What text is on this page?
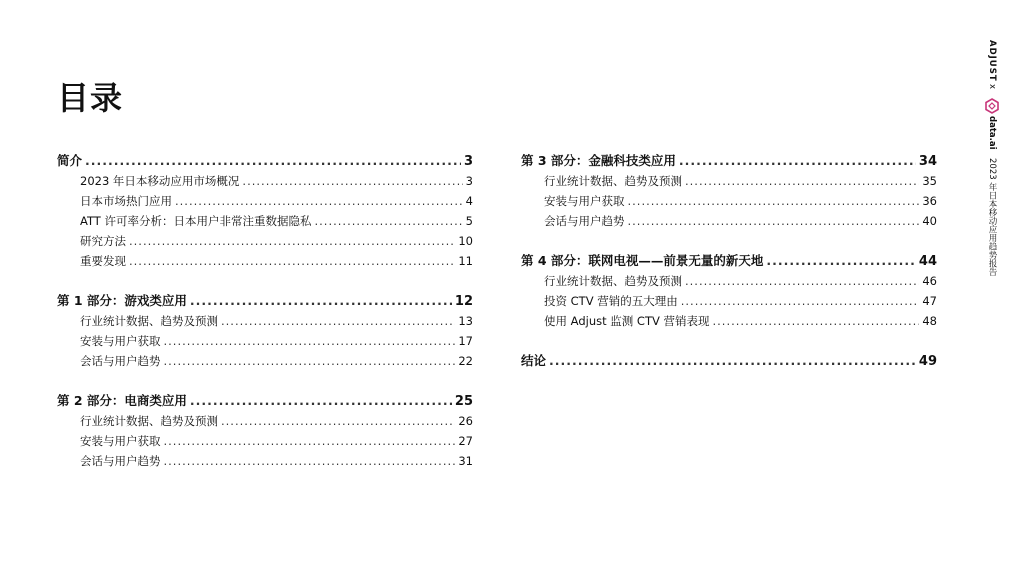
目录
简介 .....	3
2023 年日本移动应用市场概况 .....	3
日本市场热门应用 .....	4
ATT 许可率分析：日本用户非常注重数据隐私 .....	5
研究方法 .....	10
重要发现 .....	11
第 1 部分：游戏类应用 .....	12
行业统计数据、趋势及预测 .....	13
安装与用户获取 .....	17
会话与用户趋势 .....	22
第 2 部分：电商类应用 .....	25
行业统计数据、趋势及预测 .....	26
安装与用户获取 .....	27
会话与用户趋势 .....	31
第 3 部分：金融科技类应用 .....	34
行业统计数据、趋势及预测 .....	35
安装与用户获取 .....	36
会话与用户趋势 .....	40
第 4 部分：联网电视——前景无量的新天地 .....	44
行业统计数据、趋势及预测 .....	46
投资 CTV 营销的五大理由 .....	47
使用 Adjust 监测 CTV 营销表现 .....	48
结论 .....	49
ADJUST
x
data.ai
2023 年日本移动应用趋势报告
